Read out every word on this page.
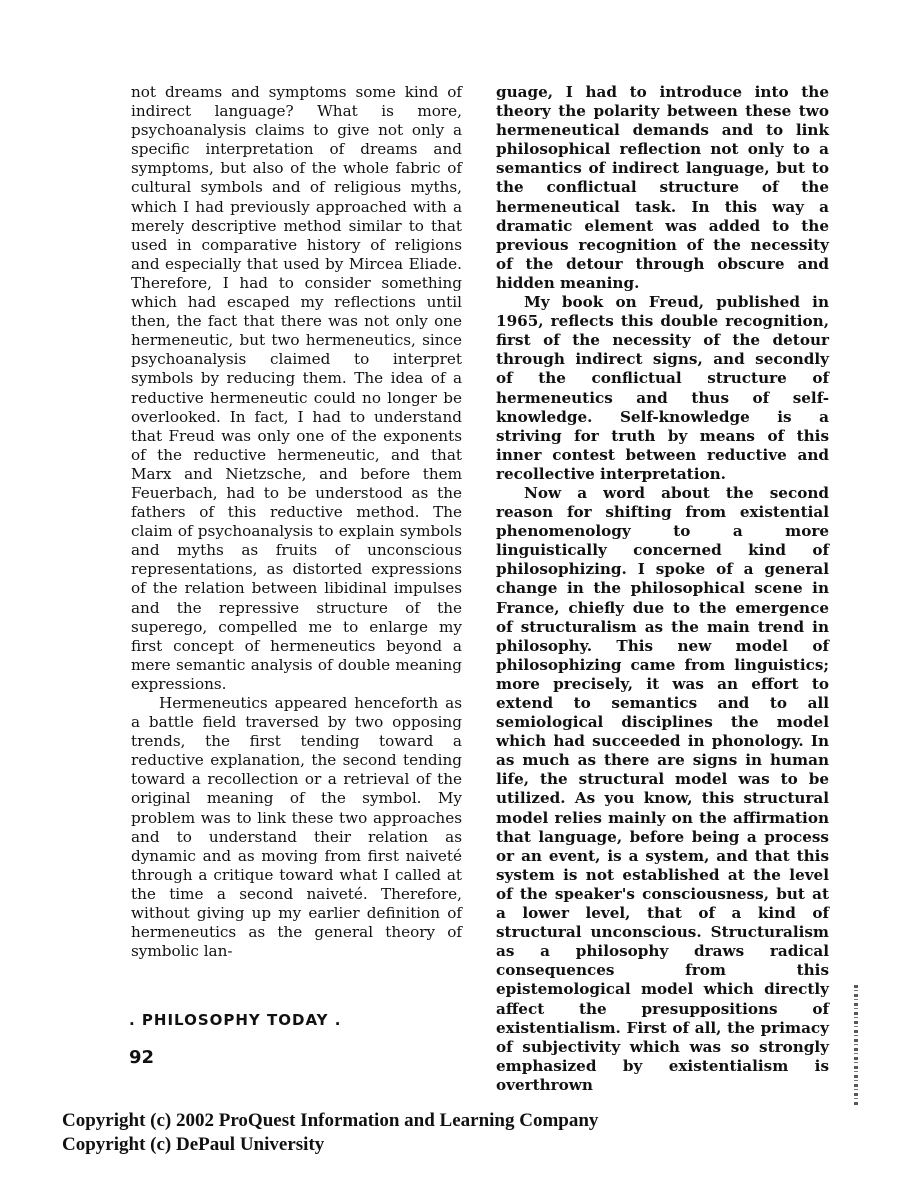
not dreams and symptoms some kind of indirect language? What is more, psychoanalysis claims to give not only a specific interpretation of dreams and symptoms, but also of the whole fabric of cultural symbols and of religious myths, which I had previously approached with a merely descriptive method similar to that used in comparative history of religions and especially that used by Mircea Eliade. Therefore, I had to consider something which had escaped my reflections until then, the fact that there was not only one hermeneutic, but two hermeneutics, since psychoanalysis claimed to interpret symbols by reducing them. The idea of a reductive hermeneutic could no longer be overlooked. In fact, I had to understand that Freud was only one of the exponents of the reductive hermeneutic, and that Marx and Nietzsche, and before them Feuerbach, had to be understood as the fathers of this reductive method. The claim of psychoanalysis to explain symbols and myths as fruits of unconscious representations, as distorted expressions of the relation between libidinal impulses and the repressive structure of the superego, compelled me to enlarge my first concept of hermeneutics beyond a mere semantic analysis of double meaning expressions.

Hermeneutics appeared henceforth as a battle field traversed by two opposing trends, the first tending toward a reductive explanation, the second tending toward a recollection or a retrieval of the original meaning of the symbol. My problem was to link these two approaches and to understand their relation as dynamic and as moving from first naiveté through a critique toward what I called at the time a second naiveté. Therefore, without giving up my earlier definition of hermeneutics as the general theory of symbolic lan-

guage, I had to introduce into the theory the polarity between these two hermeneutical demands and to link philosophical reflection not only to a semantics of indirect language, but to the conflictual structure of the hermeneutical task. In this way a dramatic element was added to the previous recognition of the necessity of the detour through obscure and hidden meaning.

My book on Freud, published in 1965, reflects this double recognition, first of the necessity of the detour through indirect signs, and secondly of the conflictual structure of hermeneutics and thus of self-knowledge. Self-knowledge is a striving for truth by means of this inner contest between reductive and recollective interpretation.

Now a word about the second reason for shifting from existential phenomenology to a more linguistically concerned kind of philosophizing. I spoke of a general change in the philosophical scene in France, chiefly due to the emergence of structuralism as the main trend in philosophy. This new model of philosophizing came from linguistics; more precisely, it was an effort to extend to semantics and to all semiological disciplines the model which had succeeded in phonology. In as much as there are signs in human life, the structural model was to be utilized. As you know, this structural model relies mainly on the affirmation that language, before being a process or an event, is a system, and that this system is not established at the level of the speaker's consciousness, but at a lower level, that of a kind of structural unconscious. Structuralism as a philosophy draws radical consequences from this epistemological model which directly affect the presuppositions of existentialism. First of all, the primacy of subjectivity which was so strongly emphasized by existentialism is overthrown

. PHILOSOPHY TODAY .
92
Copyright (c) 2002 ProQuest Information and Learning Company
Copyright (c) DePaul University
